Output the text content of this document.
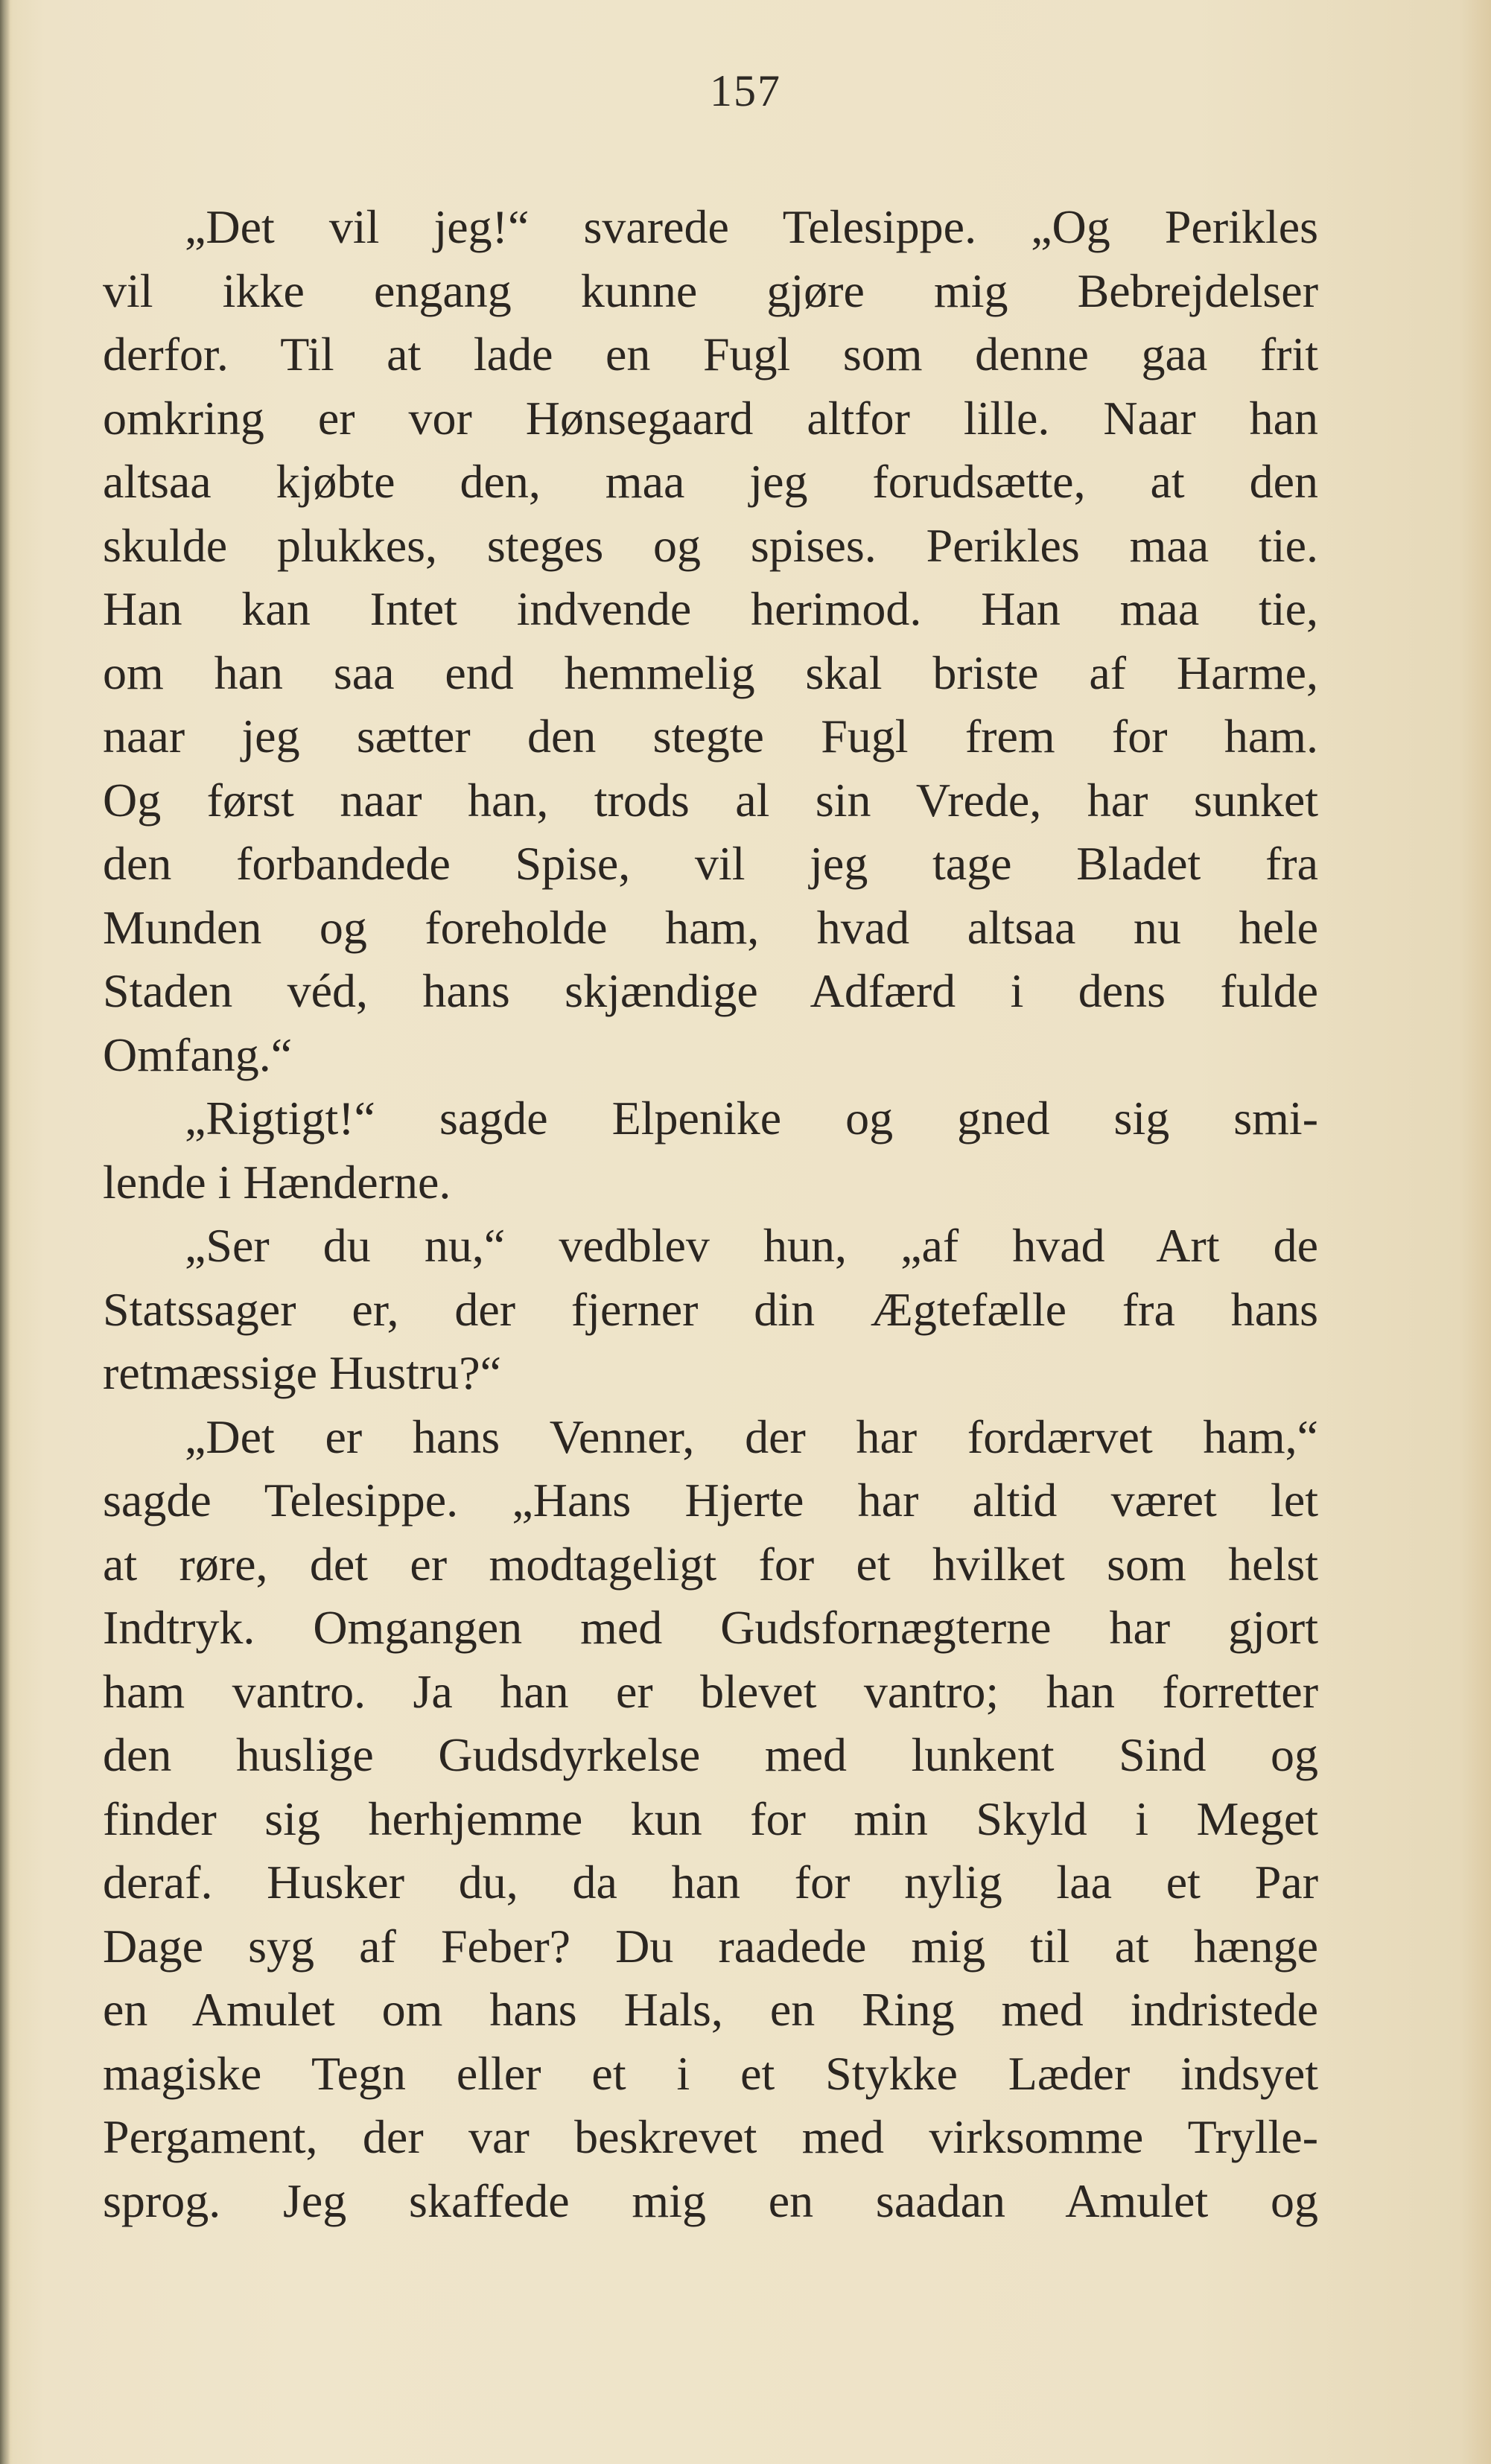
157
„Det vil jeg!“ svarede Telesippe. „Og Perikles
vil ikke engang kunne gjøre mig Bebrejdelser
derfor. Til at lade en Fugl som denne gaa frit
omkring er vor Hønsegaard altfor lille. Naar han
altsaa kjøbte den, maa jeg forudsætte, at den
skulde plukkes, steges og spises. Perikles maa tie.
Han kan Intet indvende herimod. Han maa tie,
om han saa end hemmelig skal briste af Harme,
naar jeg sætter den stegte Fugl frem for ham.
Og først naar han, trods al sin Vrede, har sunket
den forbandede Spise, vil jeg tage Bladet fra
Munden og foreholde ham, hvad altsaa nu hele
Staden véd, hans skjændige Adfærd i dens fulde
Omfang.“
„Rigtigt!“ sagde Elpenike og gned sig smi-
lende i Hænderne.
„Ser du nu,“ vedblev hun, „af hvad Art de
Statssager er, der fjerner din Ægtefælle fra hans
retmæssige Hustru?“
„Det er hans Venner, der har fordærvet ham,“
sagde Telesippe. „Hans Hjerte har altid været let
at røre, det er modtageligt for et hvilket som helst
Indtryk. Omgangen med Gudsfornægterne har gjort
ham vantro. Ja han er blevet vantro; han forretter
den huslige Gudsdyrkelse med lunkent Sind og
finder sig herhjemme kun for min Skyld i Meget
deraf. Husker du, da han for nylig laa et Par
Dage syg af Feber? Du raadede mig til at hænge
en Amulet om hans Hals, en Ring med indristede
magiske Tegn eller et i et Stykke Læder indsyet
Pergament, der var beskrevet med virksomme Trylle-
sprog. Jeg skaffede mig en saadan Amulet og
